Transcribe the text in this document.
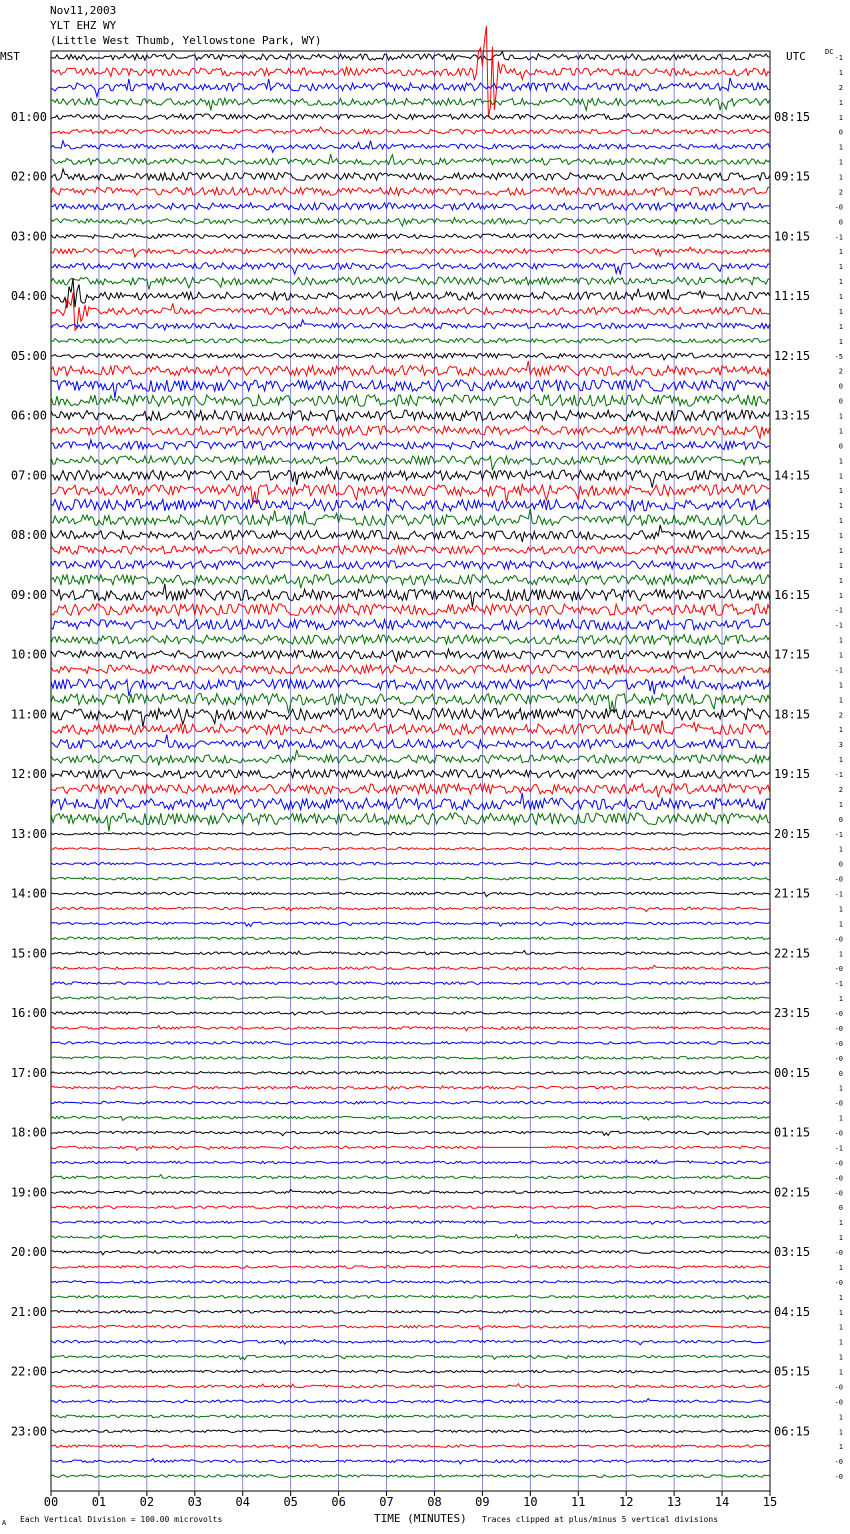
00	01	02	03	04	05	06	07	08	09	10	11	12	13	14	15
-1
1
2
1
1
0
1
1
1
2
-0
0
-1
1
1
1
1
1
1
1
-5
2
0
0
1
1
0
1
1
1
1
1
1
1
1
1
1
-1
-1
1
1
-1
1
1
2
1
3
1
-1
2
1
0
-1
1
0
-0
-1
1
1
-0
1
-0
-1
1
-0
-0
-0
-0
0
1
-0
1
-0
-1
-0
-0
-0
0
1
1
-0
1
-0
1
1
1
1
1
1
-0
-0
1
1
1
-0
-0
01:00
02:00
03:00
04:00
05:00
06:00
07:00
08:00
09:00
10:00
11:00
12:00
13:00
14:00
15:00
16:00
17:00
18:00
19:00
20:00
21:00
22:00
23:00
08:15
09:15
10:15
11:15
12:15
13:15
14:15
15:15
16:15
17:15
18:15
19:15
20:15
21:15
22:15
23:15
00:15
01:15
02:15
03:15
04:15
05:15
06:15
Nov11,2003
YLT EHZ WY
(Little West Thumb, Yellowstone Park, WY)
MST	UTC	DC
A Each Vertical Division = 100.00 microvolts	TIME (MINUTES) Traces clipped at plus/minus 5 vertical divisions
